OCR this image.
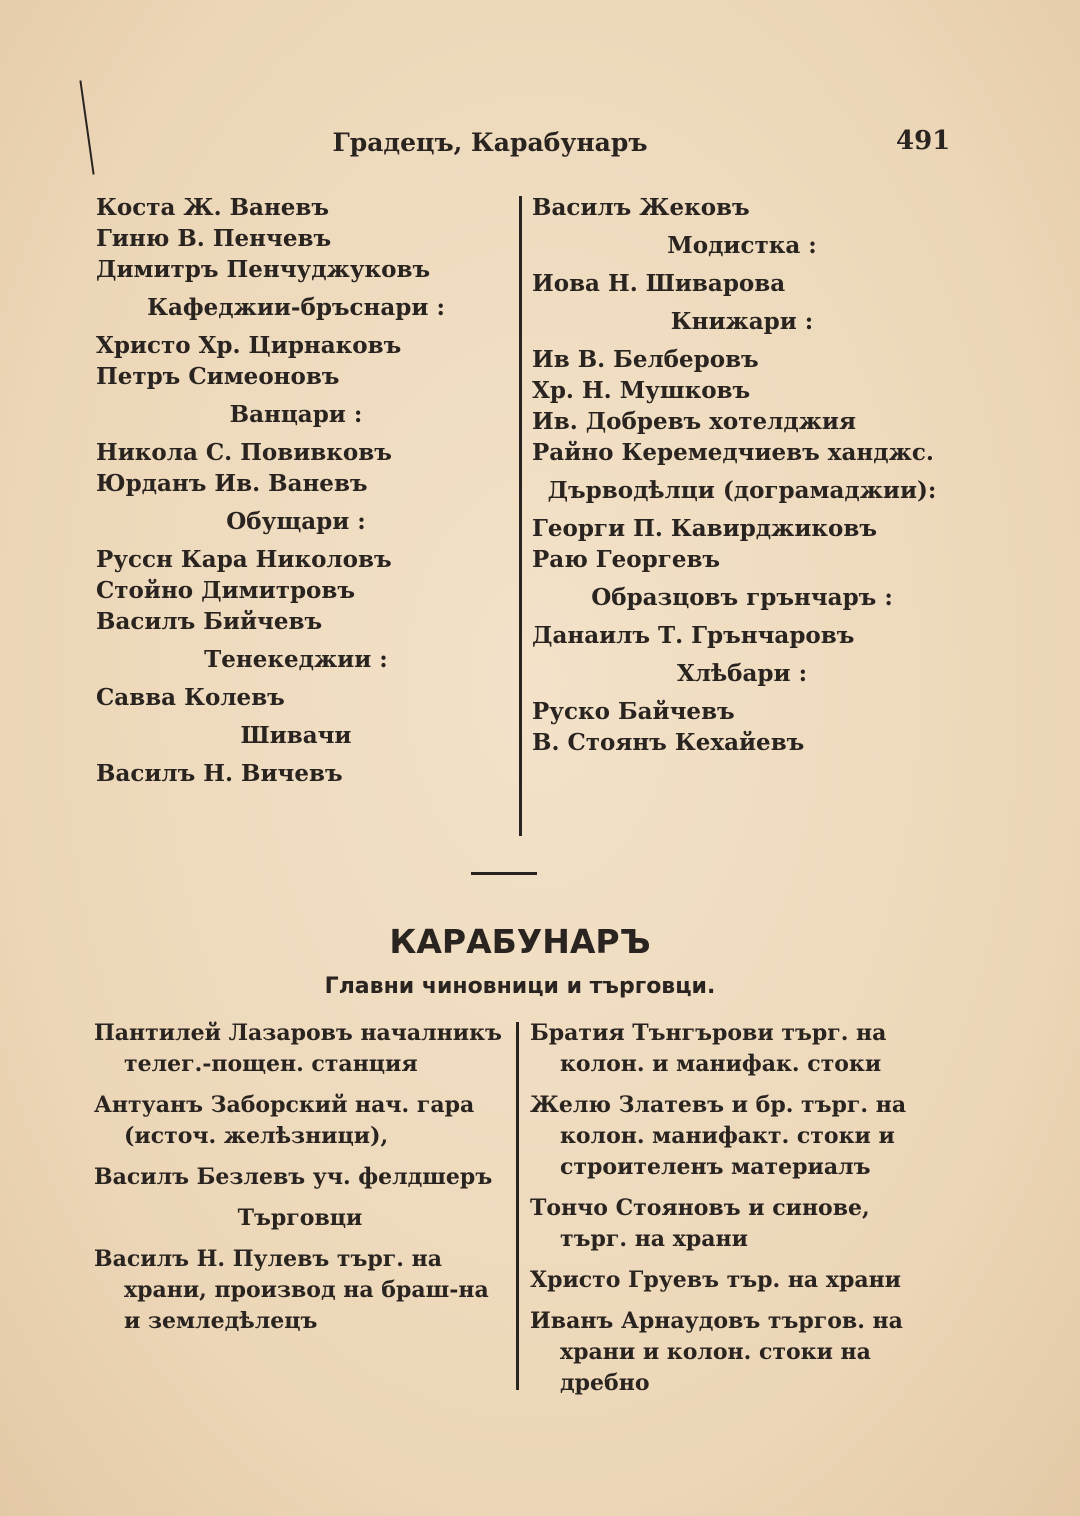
Градецъ, Карабунаръ	491
Коста Ж. Ваневъ
Гиню В. Пенчевъ
Димитръ Пенчуджуковъ
Кафеджии-бръснари :
Христо Хр. Цирнаковъ
Петръ Симеоновъ
Ванцари :
Никола С. Повивковъ
Юрданъ Ив. Ваневъ
Обущари :
Руссн Кара Николовъ
Стойно Димитровъ
Василъ Бийчевъ
Тенекеджии :
Савва Колевъ
Шивачи
Василъ Н. Вичевъ
Василъ Жековъ
Модистка :
Иова Н. Шиварова
Книжари :
Ив В. Белберовъ
Хр. Н. Мушковъ
Ив. Добревъ хотелджия
Райно Керемедчиевъ ханджс.
Дърводѣлци (дограмаджии):
Георги П. Кавирджиковъ
Раю Георгевъ
Образцовъ грънчаръ :
Данаилъ Т. Грънчаровъ
Хлѣбари :
Руско Байчевъ
В. Стоянъ Кехайевъ
КАРАБУНАРЪ
Главни чиновници и търговци.
Пантилей Лазаровъ началникъ
телег.-пощен. станция
Антуанъ Заборский нач. гара
(источ. желѣзници),
Василъ Безлевъ уч. фелдшеръ
Търговци
Василъ Н. Пулевъ търг. на
храни, производ на браш-на и земледѣлецъ
Братия Тънгърови търг. на
колон. и манифак. стоки
Желю Златевъ и бр. търг. на
колон. манифакт. стоки и строителенъ материалъ
Тончо Стояновъ и синове,
търг. на храни
Христо Груевъ тър. на храни
Иванъ Арнаудовъ търгов. на
храни и колон. стоки на дребно
